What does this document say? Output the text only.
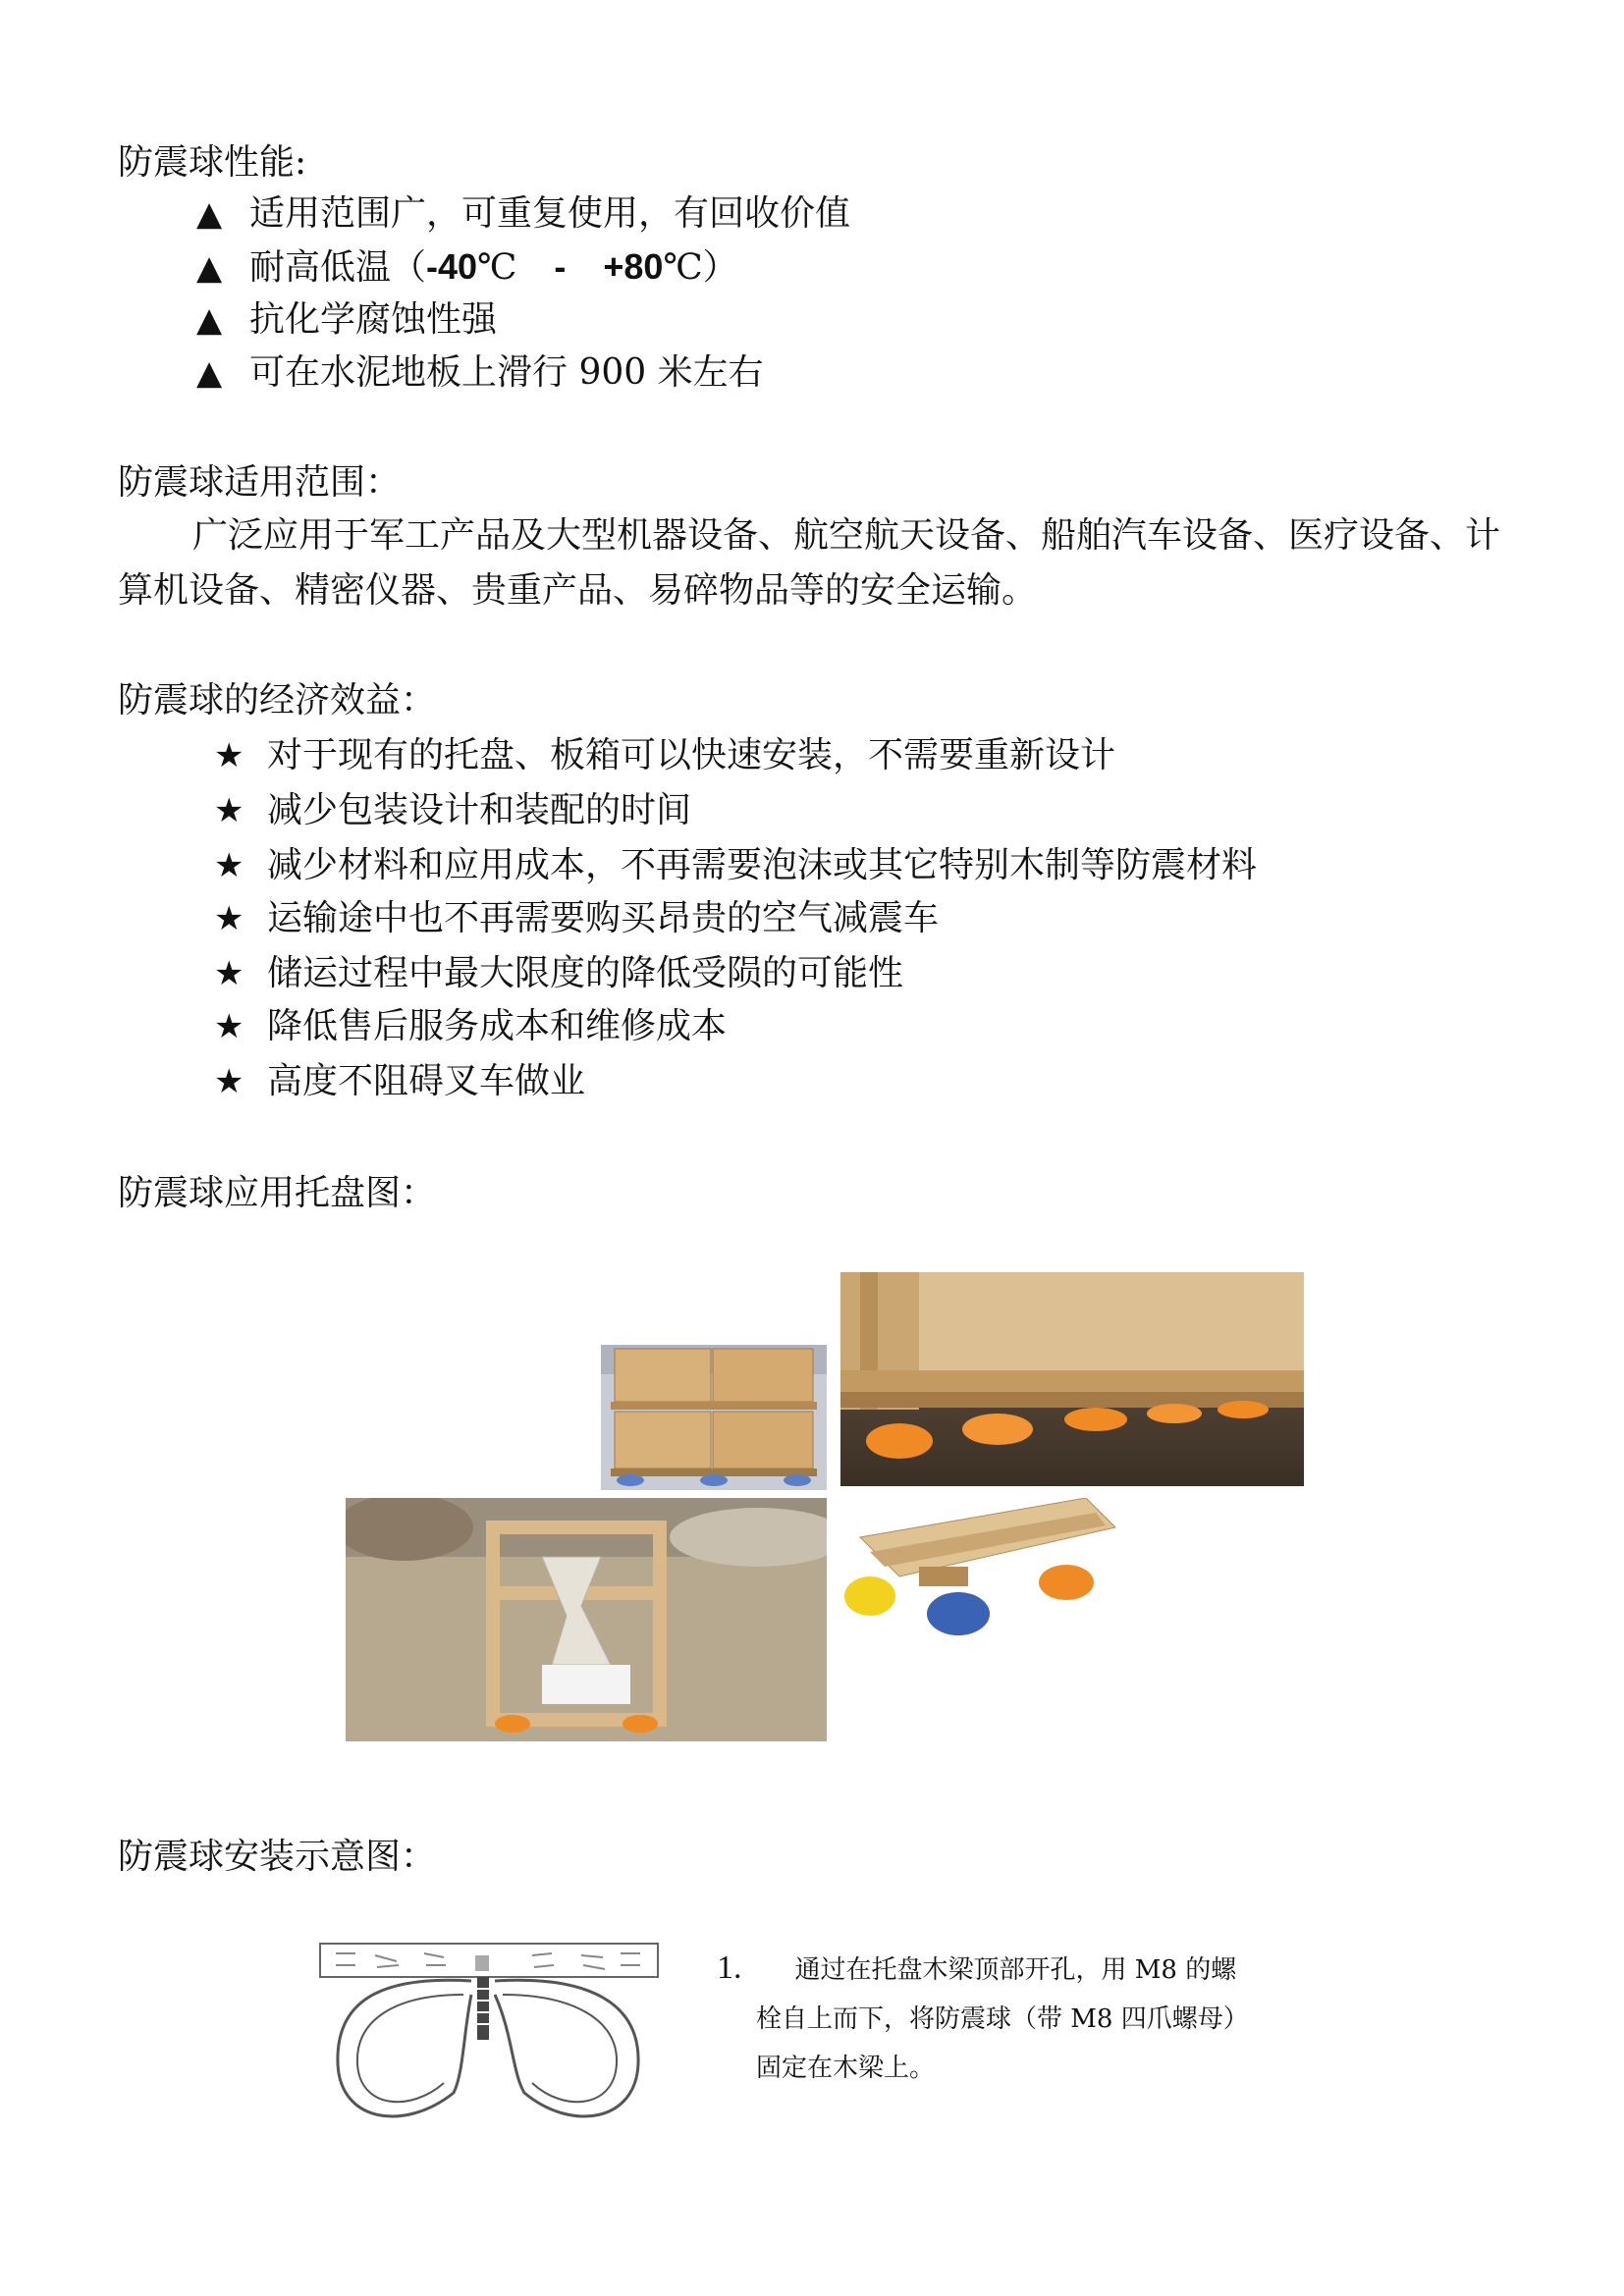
防震球性能:
▲ 适用范围广，可重复使用，有回收价值
▲ 耐高低温（-40℃ - +80℃）
▲ 抗化学腐蚀性强
▲ 可在水泥地板上滑行 900 米左右
防震球适用范围：
广泛应用于军工产品及大型机器设备、航空航天设备、船舶汽车设备、医疗设备、计算机设备、精密仪器、贵重产品、易碎物品等的安全运输。
防震球的经济效益：
★ 对于现有的托盘、板箱可以快速安装，不需要重新设计
★ 减少包装设计和装配的时间
★ 减少材料和应用成本，不再需要泡沫或其它特别木制等防震材料
★ 运输途中也不再需要购买昂贵的空气减震车
★ 储运过程中最大限度的降低受陨的可能性
★ 降低售后服务成本和维修成本
★ 高度不阻碍叉车做业
防震球应用托盘图：
防震球安装示意图：
1. 通过在托盘木梁顶部开孔，用 M8 的螺
栓自上而下，将防震球（带 M8 四爪螺母）
固定在木梁上。
